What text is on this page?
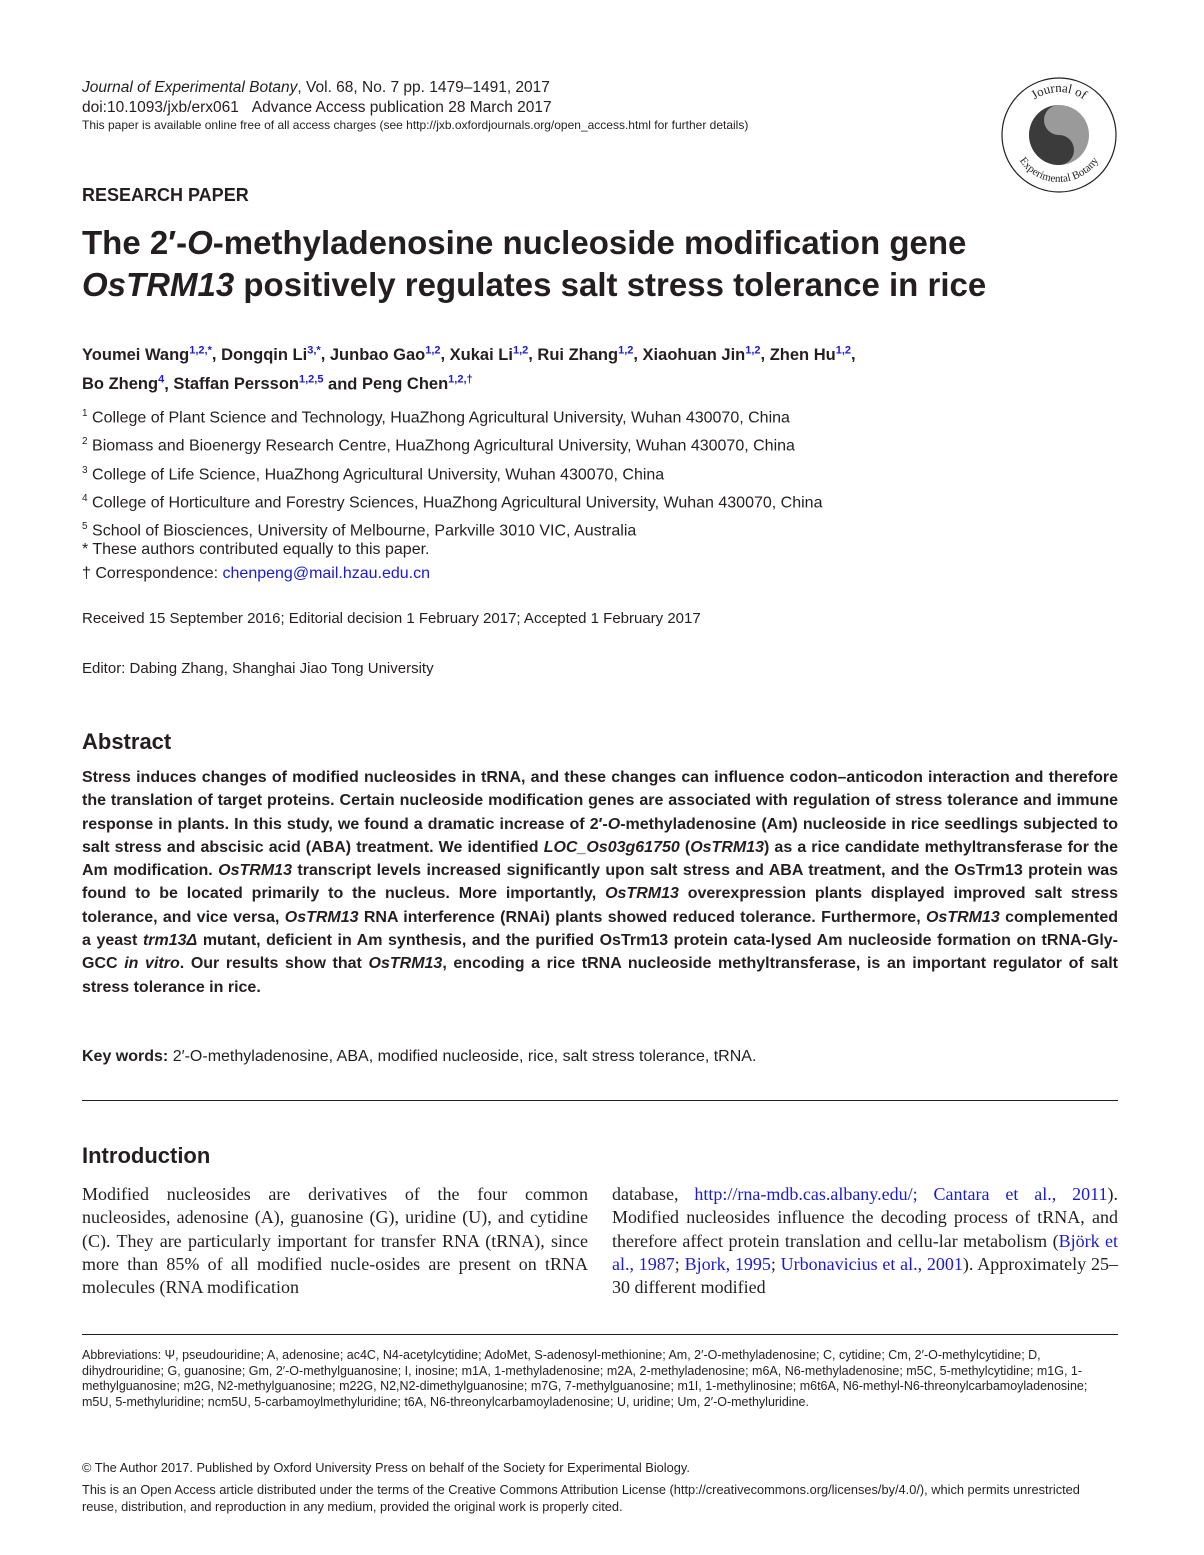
Journal of Experimental Botany, Vol. 68, No. 7 pp. 1479–1491, 2017
doi:10.1093/jxb/erx061 Advance Access publication 28 March 2017
This paper is available online free of all access charges (see http://jxb.oxfordjournals.org/open_access.html for further details)
Journal of
Experimental Botany
RESEARCH PAPER
The 2′-O-methyladenosine nucleoside modification gene
OsTRM13 positively regulates salt stress tolerance in rice
Youmei Wang$^{1,2,*}$, Dongqin $Li^{3,*}$, Junbao Gao$^{1,2}$, Xukai Li$^{1,2}$, Rui Zhang$^{1,2}$, Xiaohuan Jin$^{1,2}$, Zhen Hu$^{1,2}$,
Bo Zheng$^4$, Staffan Persson$^{1,2,5}$ and Peng Chen$^{1,2,\dagger}$
$^1$ College of Plant Science and Technology, HuaZhong Agricultural University, Wuhan 430070, China
$^2$ Biomass and Bioenergy Research Centre, HuaZhong Agricultural University, Wuhan 430070, China
$^3$ College of Life Science, HuaZhong Agricultural University, Wuhan 430070, China
$^4$ College of Horticulture and Forestry Sciences, HuaZhong Agricultural University, Wuhan 430070, China
$^5$ School of Biosciences, University of Melbourne, Parkville 3010 VIC, Australia
* These authors contributed equally to this paper.
† Correspondence: chenpeng@mail.hzau.edu.cn
Received 15 September 2016; Editorial decision 1 February 2017; Accepted 1 February 2017
Editor: Dabing Zhang, Shanghai Jiao Tong University
Abstract
Stress induces changes of modified nucleosides in tRNA, and these changes can influence codon–anticodon interaction and therefore the translation of target proteins. Certain nucleoside modification genes are associated with regulation of stress tolerance and immune response in plants. In this study, we found a dramatic increase of 2′-O-methyladenosine (Am) nucleoside in rice seedlings subjected to salt stress and abscisic acid (ABA) treatment. We identified LOC_Os03g61750 (OsTRM13) as a rice candidate methyltransferase for the Am modification. OsTRM13 transcript levels increased significantly upon salt stress and ABA treatment, and the OsTrm13 protein was found to be located primarily to the nucleus. More importantly, OsTRM13 overexpression plants displayed improved salt stress tolerance, and vice versa, OsTRM13 RNA interference (RNAi) plants showed reduced tolerance. Furthermore, OsTRM13 complemented a yeast trm13Δ mutant, deficient in Am synthesis, and the purified OsTrm13 protein cata-lysed Am nucleoside formation on tRNA-Gly-GCC in vitro. Our results show that OsTRM13, encoding a rice tRNA nucleoside methyltransferase, is an important regulator of salt stress tolerance in rice.
Key words: 2′-O-methyladenosine, ABA, modified nucleoside, rice, salt stress tolerance, tRNA.
Introduction
Modified nucleosides are derivatives of the four common nucleosides, adenosine (A), guanosine (G), uridine (U), and cytidine (C). They are particularly important for transfer RNA (tRNA), since more than 85% of all modified nucle-osides are present on tRNA molecules (RNA modification
database, http://rna-mdb.cas.albany.edu/; Cantara et al., 2011). Modified nucleosides influence the decoding process of tRNA, and therefore affect protein translation and cellu-lar metabolism (Björk et al., 1987; Bjork, 1995; Urbonavicius et al., 2001). Approximately 25–30 different modified
Abbreviations: Ψ, pseudouridine; A, adenosine; ac4C, N4-acetylcytidine; AdoMet, S-adenosyl-methionine; Am, 2′-O-methyladenosine; C, cytidine; Cm, 2′-O-methylcytidine; D, dihydrouridine; G, guanosine; Gm, 2′-O-methylguanosine; I, inosine; m1A, 1-methyladenosine; m2A, 2-methyladenosine; m6A, N6-methyladenosine; m5C, 5-methylcytidine; m1G, 1-methylguanosine; m2G, N2-methylguanosine; m22G, N2,N2-dimethylguanosine; m7G, 7-methylguanosine; m1I, 1-methylinosine; m6t6A, N6-methyl-N6-threonylcarbamoyladenosine; m5U, 5-methyluridine; ncm5U, 5-carbamoylmethyluridine; t6A, N6-threonylcarbamoyladenosine; U, uridine; Um, 2′-O-methyluridine.
© The Author 2017. Published by Oxford University Press on behalf of the Society for Experimental Biology.
This is an Open Access article distributed under the terms of the Creative Commons Attribution License (http://creativecommons.org/licenses/by/4.0/), which permits unrestricted reuse, distribution, and reproduction in any medium, provided the original work is properly cited.
